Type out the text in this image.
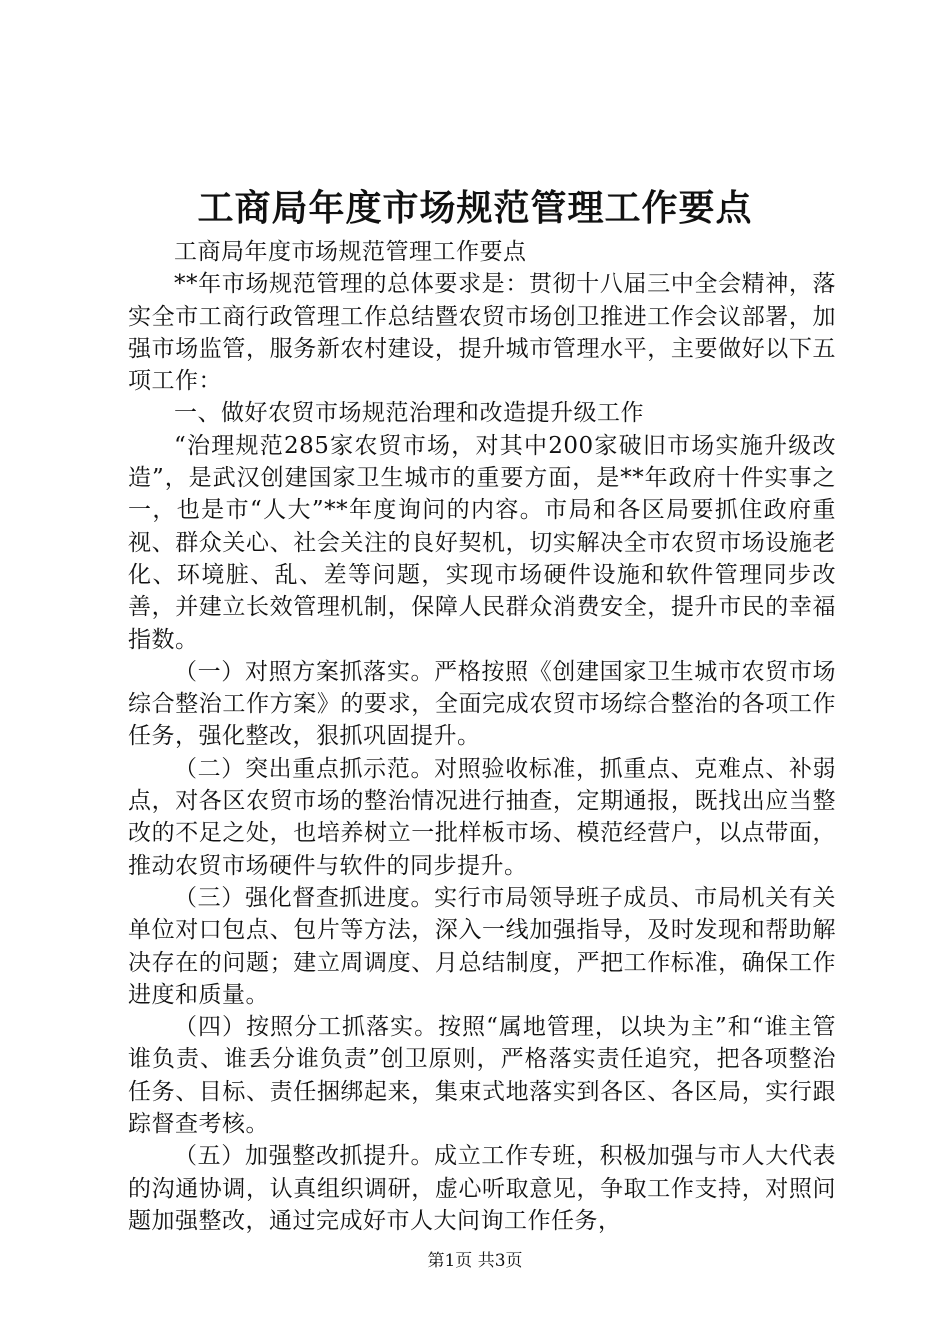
工商局年度市场规范管理工作要点

工商局年度市场规范管理工作要点

**年市场规范管理的总体要求是：贯彻十八届三中全会精神，落实全市工商行政管理工作总结暨农贸市场创卫推进工作会议部署，加强市场监管，服务新农村建设，提升城市管理水平，主要做好以下五项工作：

一、做好农贸市场规范治理和改造提升级工作

“治理规范285家农贸市场，对其中200家破旧市场实施升级改造”，是武汉创建国家卫生城市的重要方面，是**年政府十件实事之一，也是市“人大”**年度询问的内容。市局和各区局要抓住政府重视、群众关心、社会关注的良好契机，切实解决全市农贸市场设施老化、环境脏、乱、差等问题，实现市场硬件设施和软件管理同步改善，并建立长效管理机制，保障人民群众消费安全，提升市民的幸福指数。

（一）对照方案抓落实。严格按照《创建国家卫生城市农贸市场综合整治工作方案》的要求，全面完成农贸市场综合整治的各项工作任务，强化整改，狠抓巩固提升。

（二）突出重点抓示范。对照验收标准，抓重点、克难点、补弱点，对各区农贸市场的整治情况进行抽查，定期通报，既找出应当整改的不足之处，也培养树立一批样板市场、模范经营户，以点带面，推动农贸市场硬件与软件的同步提升。

（三）强化督查抓进度。实行市局领导班子成员、市局机关有关单位对口包点、包片等方法，深入一线加强指导，及时发现和帮助解决存在的问题；建立周调度、月总结制度，严把工作标准，确保工作进度和质量。

（四）按照分工抓落实。按照“属地管理，以块为主”和“谁主管谁负责、谁丢分谁负责”创卫原则，严格落实责任追究，把各项整治任务、目标、责任捆绑起来，集束式地落实到各区、各区局，实行跟踪督查考核。

（五）加强整改抓提升。成立工作专班，积极加强与市人大代表的沟通协调，认真组织调研，虚心听取意见，争取工作支持，对照问题加强整改，通过完成好市人大问询工作任务，

第1页 共3页
